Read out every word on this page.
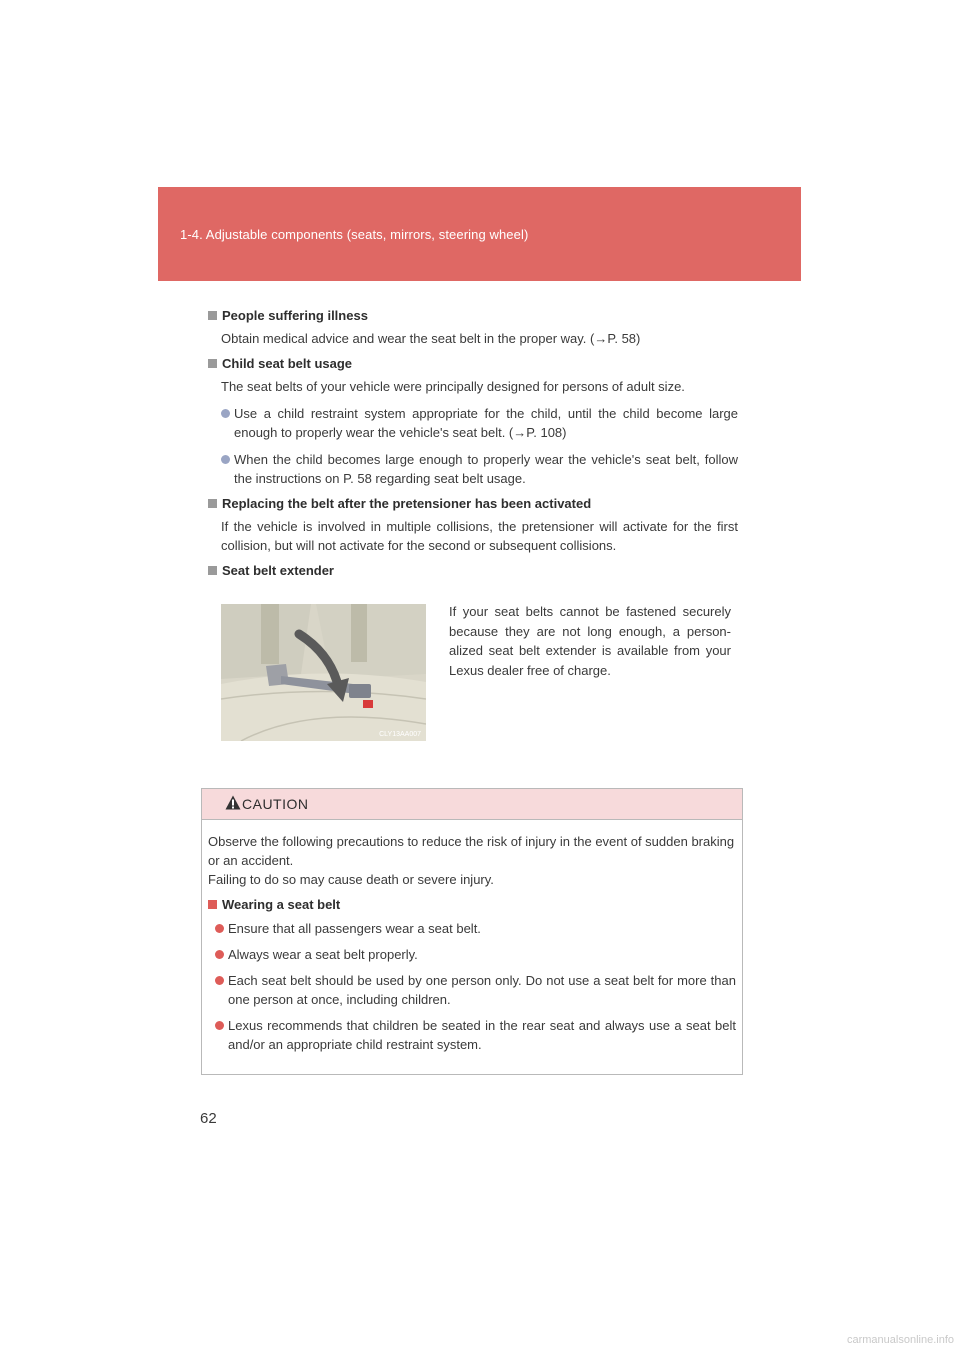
1-4. Adjustable components (seats, mirrors, steering wheel)
People suffering illness
Obtain medical advice and wear the seat belt in the proper way. (→P. 58)
Child seat belt usage
The seat belts of your vehicle were principally designed for persons of adult size.
Use a child restraint system appropriate for the child, until the child become large enough to properly wear the vehicle's seat belt. (→P. 108)
When the child becomes large enough to properly wear the vehicle's seat belt, follow the instructions on P. 58 regarding seat belt usage.
Replacing the belt after the pretensioner has been activated
If the vehicle is involved in multiple collisions, the pretensioner will activate for the first collision, but will not activate for the second or subsequent collisions.
Seat belt extender
CLY13AA007
If your seat belts cannot be fastened securely because they are not long enough, a person-alized seat belt extender is available from your Lexus dealer free of charge.
CAUTION
Observe the following precautions to reduce the risk of injury in the event of sudden braking or an accident.
Failing to do so may cause death or severe injury.
Wearing a seat belt
Ensure that all passengers wear a seat belt.
Always wear a seat belt properly.
Each seat belt should be used by one person only. Do not use a seat belt for more than one person at once, including children.
Lexus recommends that children be seated in the rear seat and always use a seat belt and/or an appropriate child restraint system.
62
carmanualsonline.info
